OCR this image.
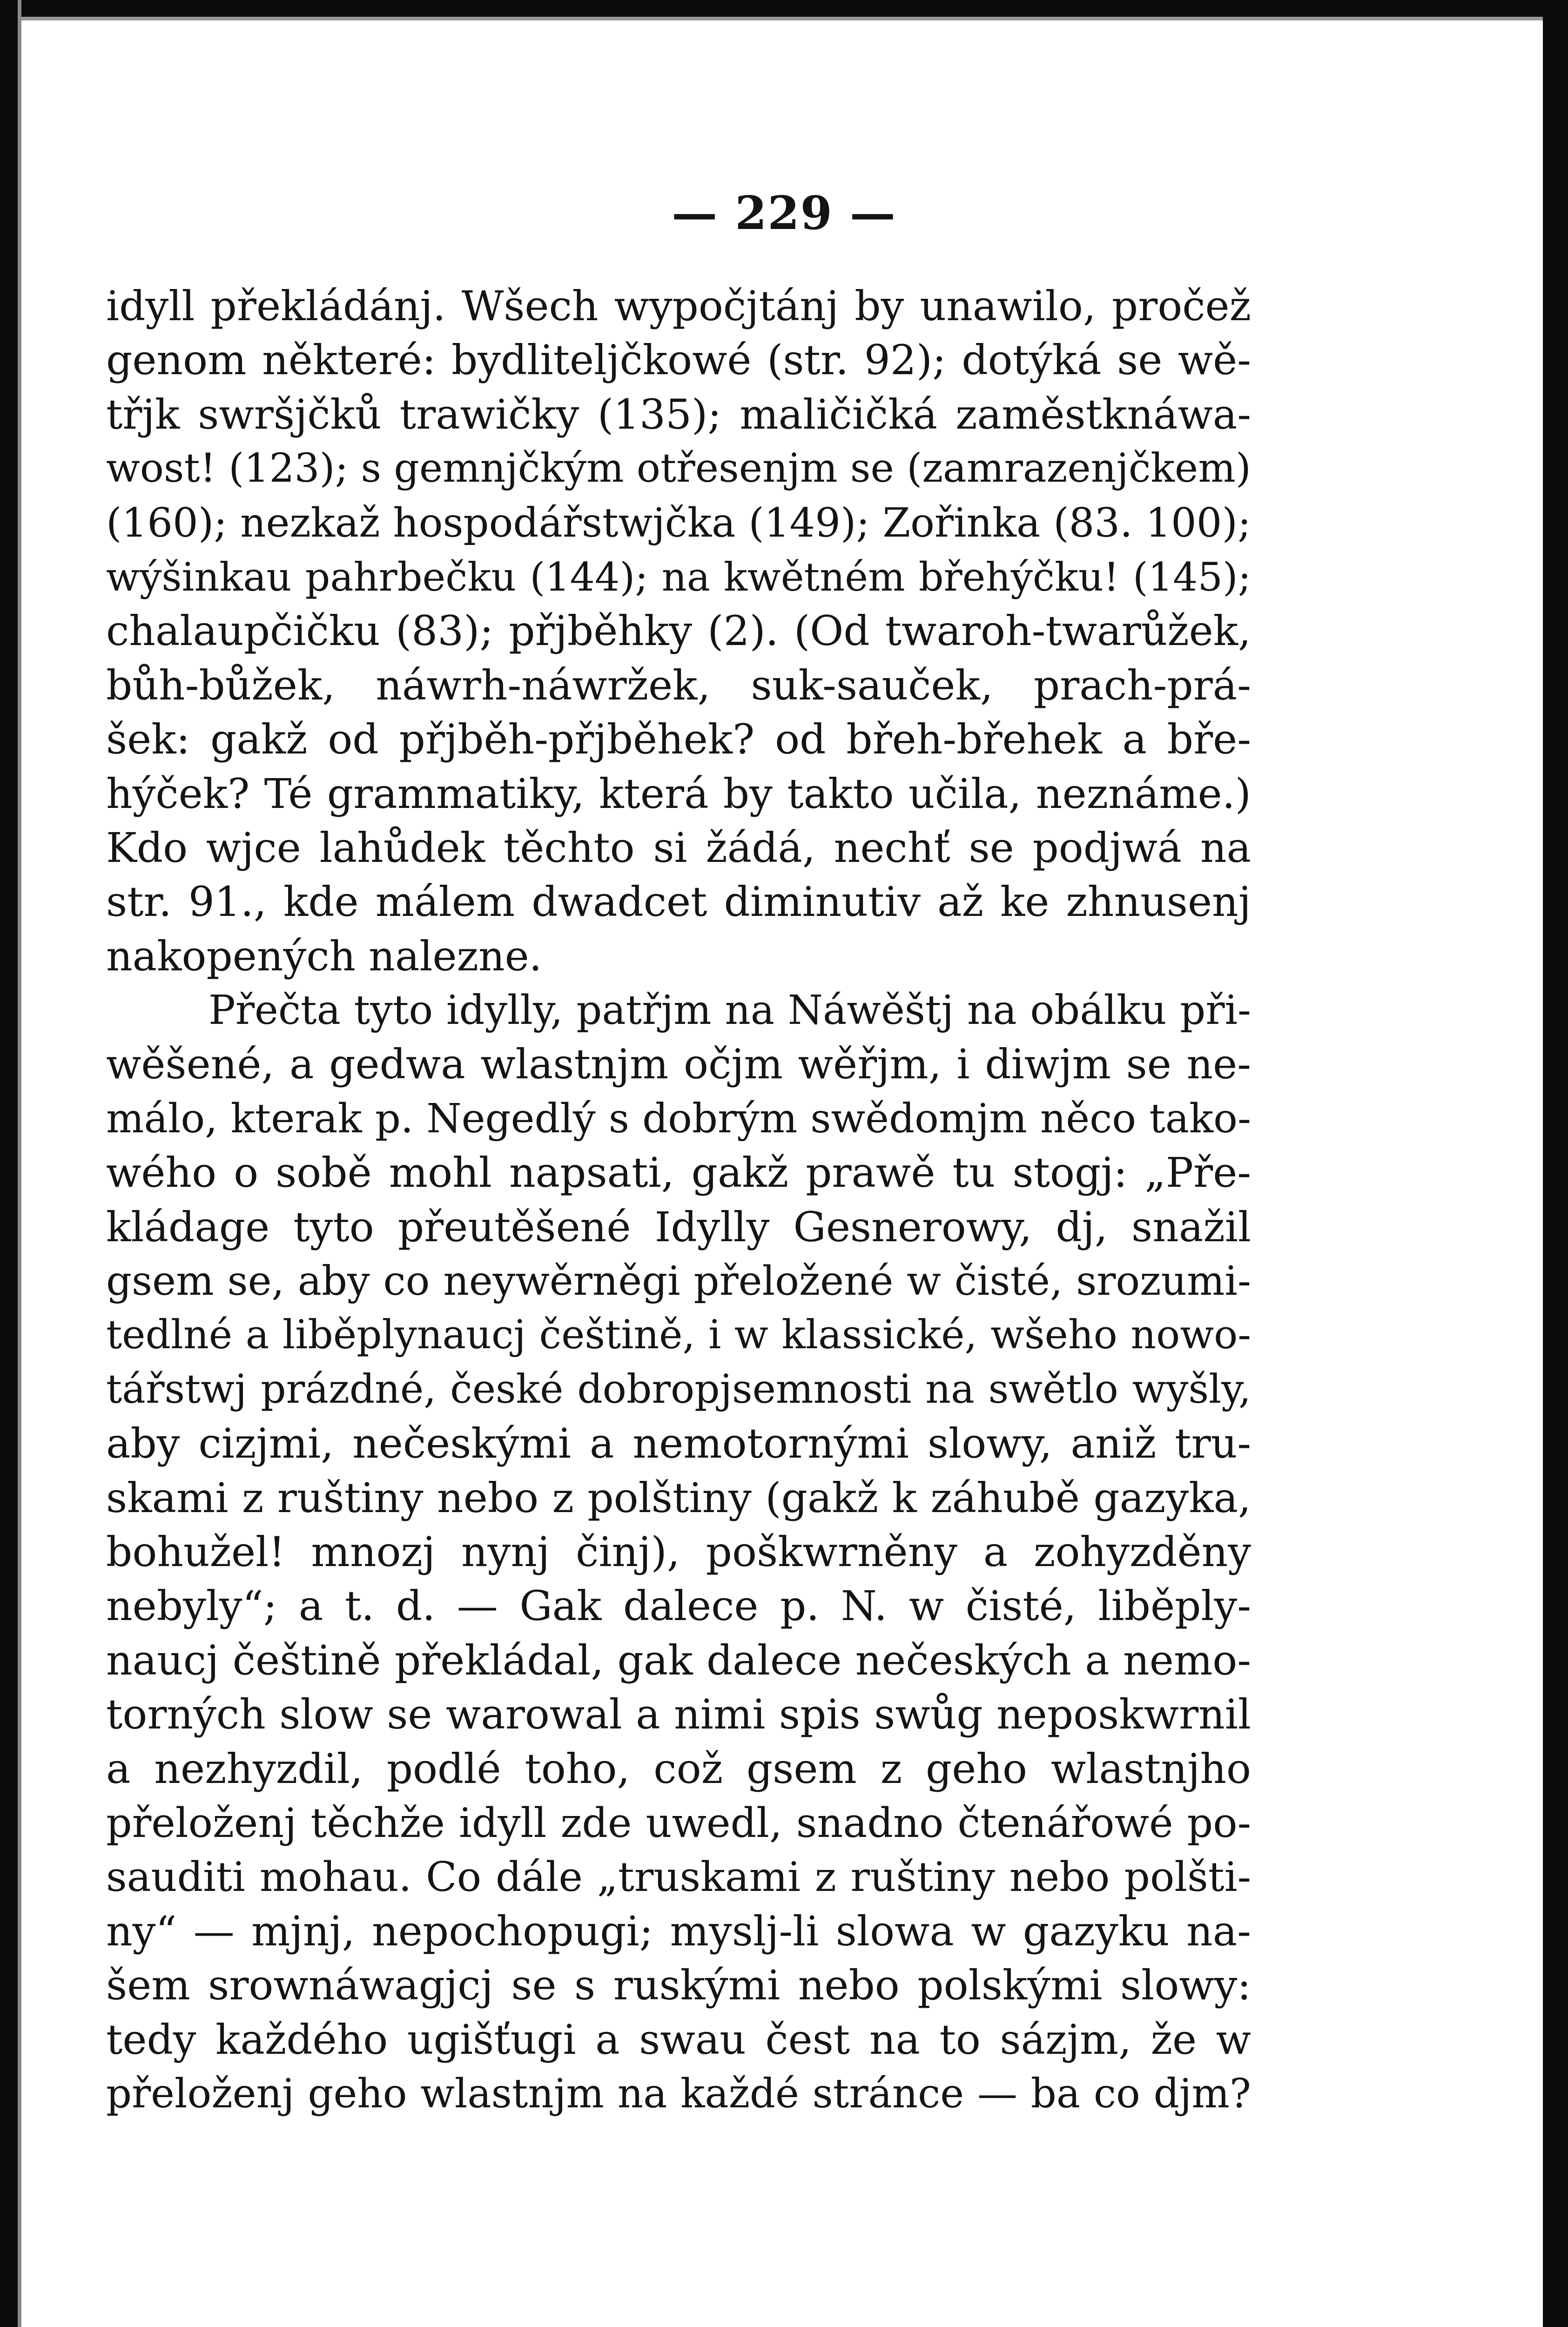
— 229 —
idyll překládánj. Wšech wypočjtánj by unawilo, pročež
genom některé: bydliteljčkowé (str. 92); dotýká se wě-
třjk swršjčků trawičky (135); maličičká zaměstknáwa-
wost! (123); s gemnjčkým otřesenjm se (zamrazenjčkem)
(160); nezkaž hospodářstwjčka (149); Zořinka (83. 100);
wýšinkau pahrbečku (144); na kwětném břehýčku! (145);
chalaupčičku (83); přjběhky (2). (Od twaroh-twarůžek,
bůh-bůžek, náwrh-náwržek, suk-sauček, prach-prá-
šek: gakž od přjběh-přjběhek? od břeh-břehek a bře-
hýček? Té grammatiky, která by takto učila, neznáme.)
Kdo wjce lahůdek těchto si žádá, nechť se podjwá na
str. 91., kde málem dwadcet diminutiv až ke zhnusenj
nakopených nalezne.
Přečta tyto idylly, patřjm na Náwěštj na obálku při-
wěšené, a gedwa wlastnjm očjm wěřjm, i diwjm se ne-
málo, kterak p. Negedlý s dobrým swědomjm něco tako-
wého o sobě mohl napsati, gakž prawě tu stogj: „Pře-
kládage tyto přeutěšené Idylly Gesnerowy, dj, snažil
gsem se, aby co neywěrněgi přeložené w čisté, srozumi-
tedlné a liběplynaucj češtině, i w klassické, wšeho nowo-
tářstwj prázdné, české dobropjsemnosti na swětlo wyšly,
aby cizjmi, nečeskými a nemotornými slowy, aniž tru-
skami z ruštiny nebo z polštiny (gakž k záhubě gazyka,
bohužel! mnozj nynj činj), poškwrněny a zohyzděny
nebyly“; a t. d. — Gak dalece p. N. w čisté, liběply-
naucj češtině překládal, gak dalece nečeských a nemo-
torných slow se warowal a nimi spis swůg neposkwrnil
a nezhyzdil, podlé toho, což gsem z geho wlastnjho
přeloženj těchže idyll zde uwedl, snadno čtenářowé po-
sauditi mohau. Co dále „truskami z ruštiny nebo polšti-
ny“ — mjnj, nepochopugi; myslj-li slowa w gazyku na-
šem srownáwagjcj se s ruskými nebo polskými slowy:
tedy každého ugišťugi a swau čest na to sázjm, že w
přeloženj geho wlastnjm na každé stránce — ba co djm?
